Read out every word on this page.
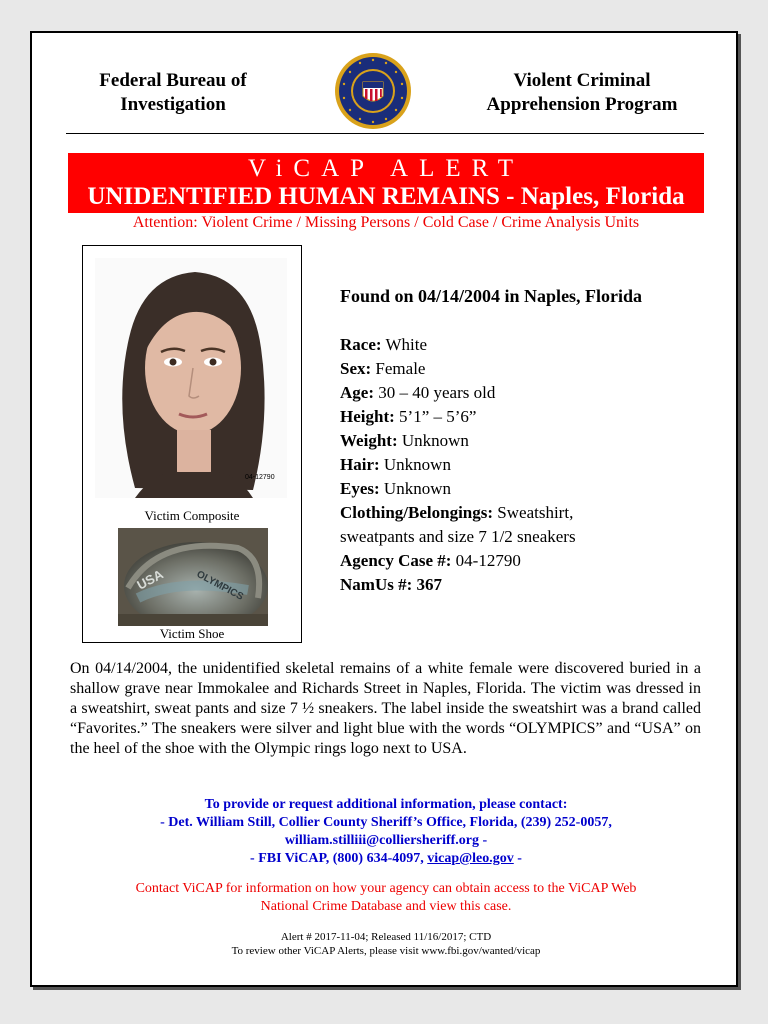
Federal Bureau of
Investigation
Violent Criminal
Apprehension Program
ViCAP ALERT
UNIDENTIFIED HUMAN REMAINS - Naples, Florida
Attention: Violent Crime / Missing Persons / Cold Case / Crime Analysis Units
04-12790
Victim Composite
USA	OLYMPICS
Victim Shoe
Found on 04/14/2004 in Naples, Florida
Race: White
Sex: Female
Age: 30 – 40 years old
Height: 5’1” – 5’6”
Weight: Unknown
Hair: Unknown
Eyes: Unknown
Clothing/Belongings: Sweatshirt, sweatpants and size 7 1/2 sneakers
Agency Case #: 04-12790
NamUs #: 367
On 04/14/2004, the unidentified skeletal remains of a white female were discovered buried in a shallow grave near Immokalee and Richards Street in Naples, Florida. The victim was dressed in a sweatshirt, sweat pants and size 7 ½ sneakers. The label inside the sweatshirt was a brand called “Favorites.” The sneakers were silver and light blue with the words “OLYMPICS” and “USA” on the heel of the shoe with the Olympic rings logo next to USA.
To provide or request additional information, please contact:
- Det. William Still, Collier County Sheriff’s Office, Florida, (239) 252-0057,
william.stilliii@colliersheriff.org -
- FBI ViCAP, (800) 634-4097, vicap@leo.gov -
Contact ViCAP for information on how your agency can obtain access to the ViCAP Web
National Crime Database and view this case.
Alert # 2017-11-04; Released 11/16/2017; CTD
To review other ViCAP Alerts, please visit www.fbi.gov/wanted/vicap
